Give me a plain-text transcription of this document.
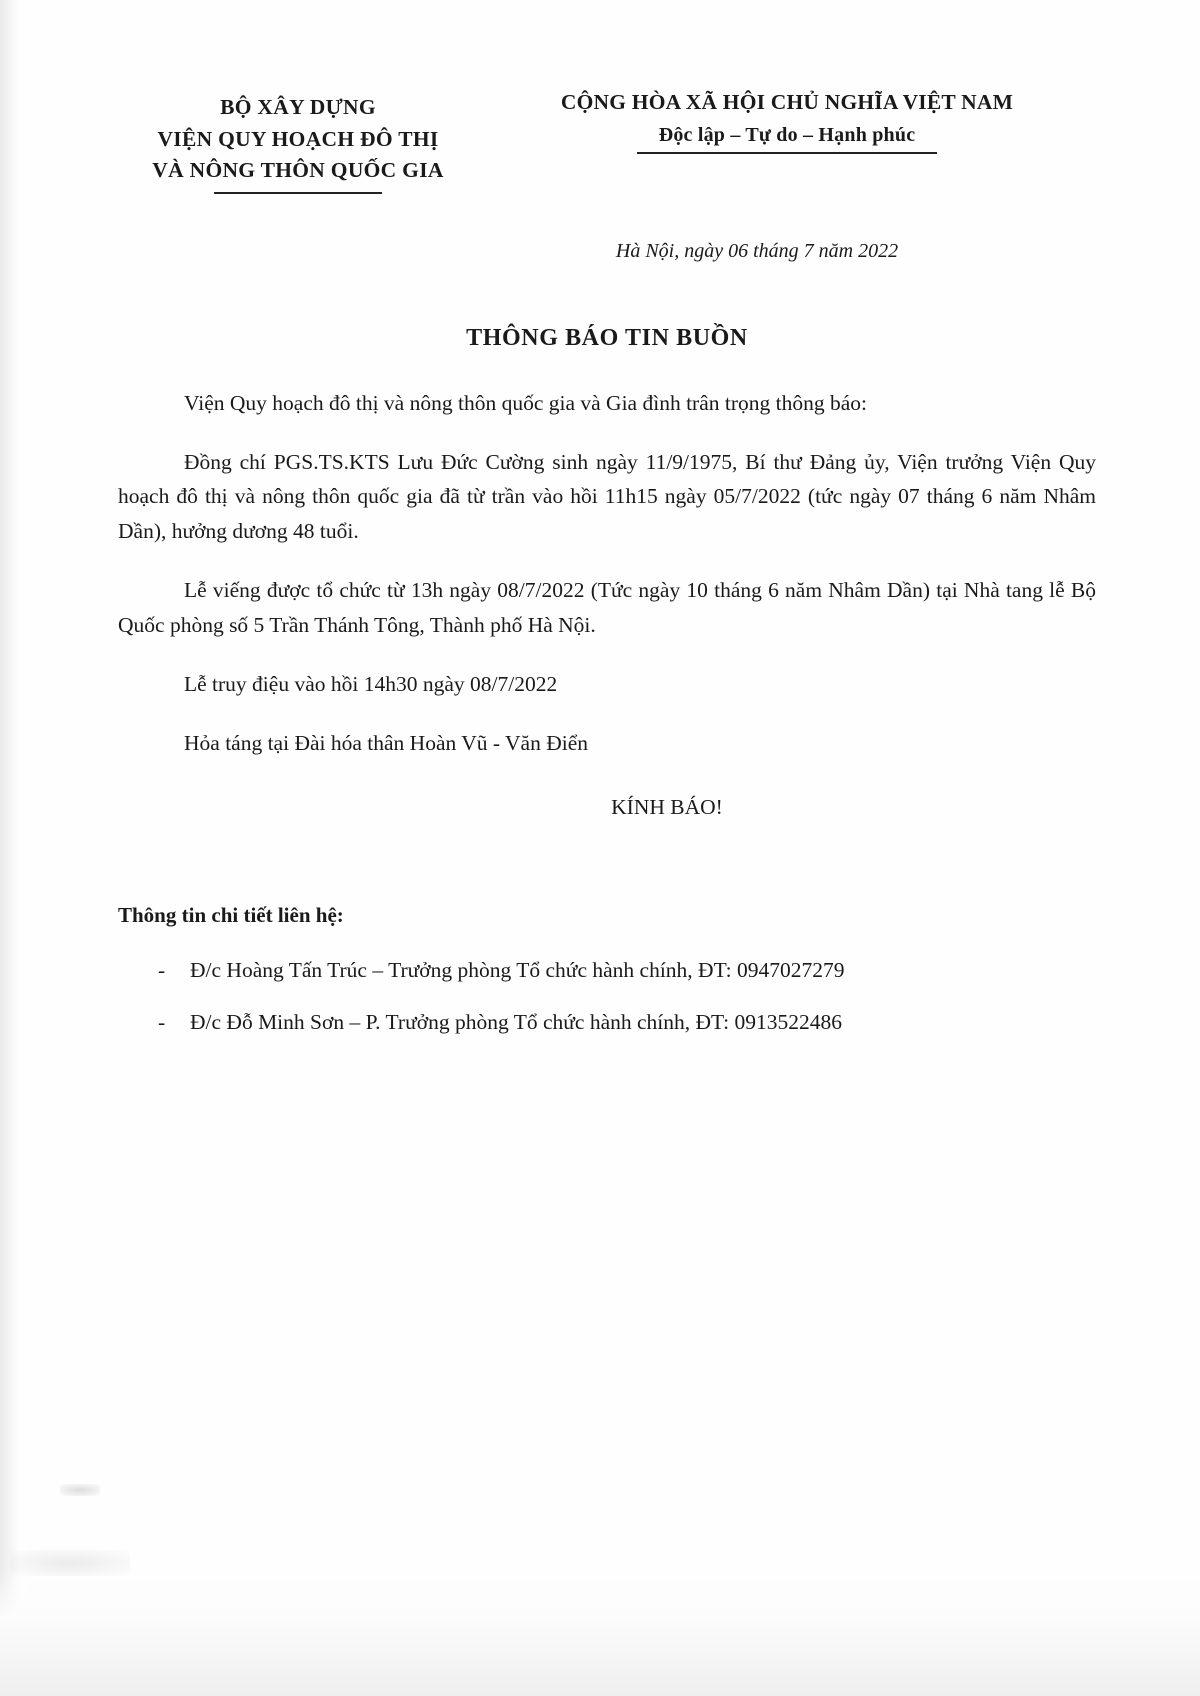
BỘ XÂY DỰNG
VIỆN QUY HOẠCH ĐÔ THỊ
VÀ NÔNG THÔN QUỐC GIA
CỘNG HÒA XÃ HỘI CHỦ NGHĨA VIỆT NAM
Độc lập – Tự do – Hạnh phúc
Hà Nội, ngày 06 tháng 7 năm 2022
THÔNG BÁO TIN BUỒN

Viện Quy hoạch đô thị và nông thôn quốc gia và Gia đình trân trọng thông báo:

Đồng chí PGS.TS.KTS Lưu Đức Cường sinh ngày 11/9/1975, Bí thư Đảng ủy, Viện trưởng Viện Quy hoạch đô thị và nông thôn quốc gia đã từ trần vào hồi 11h15 ngày 05/7/2022 (tức ngày 07 tháng 6 năm Nhâm Dần), hưởng dương 48 tuổi.

Lễ viếng được tổ chức từ 13h ngày 08/7/2022 (Tức ngày 10 tháng 6 năm Nhâm Dần) tại Nhà tang lễ Bộ Quốc phòng số 5 Trần Thánh Tông, Thành phố Hà Nội.

Lễ truy điệu vào hồi 14h30 ngày 08/7/2022

Hỏa táng tại Đài hóa thân Hoàn Vũ - Văn Điển

KÍNH BÁO!
Thông tin chi tiết liên hệ:
- Đ/c Hoàng Tấn Trúc – Trưởng phòng Tổ chức hành chính, ĐT: 0947027279
- Đ/c Đỗ Minh Sơn – P. Trưởng phòng Tổ chức hành chính, ĐT: 0913522486
